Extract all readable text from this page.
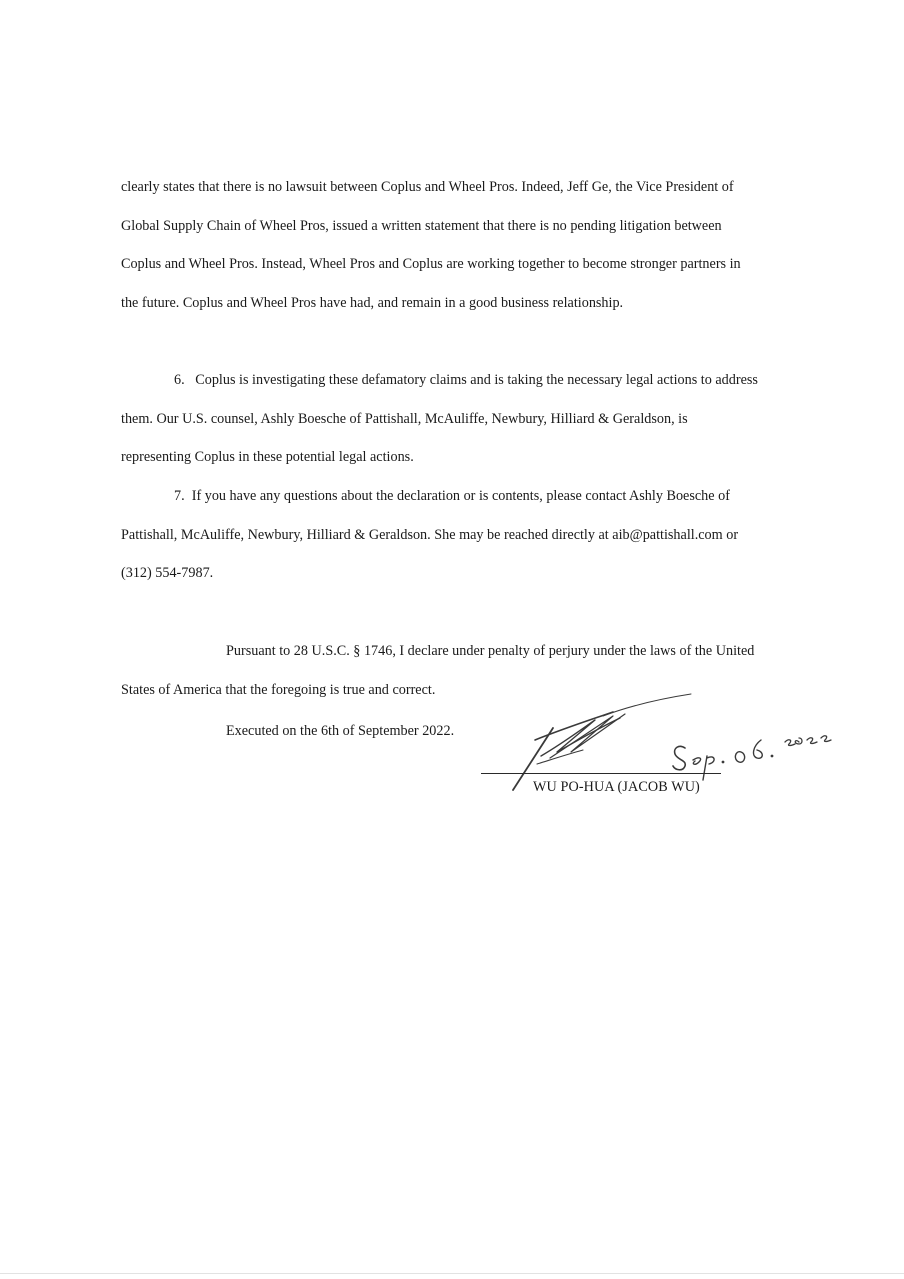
clearly states that there is no lawsuit between Coplus and Wheel Pros. Indeed, Jeff Ge, the Vice President of Global Supply Chain of Wheel Pros, issued a written statement that there is no pending litigation between Coplus and Wheel Pros. Instead, Wheel Pros and Coplus are working together to become stronger partners in the future. Coplus and Wheel Pros have had, and remain in a good business relationship.

6. Coplus is investigating these defamatory claims and is taking the necessary legal actions to address them. Our U.S. counsel, Ashly Boesche of Pattishall, McAuliffe, Newbury, Hilliard & Geraldson, is representing Coplus in these potential legal actions.

7. If you have any questions about the declaration or is contents, please contact Ashly Boesche of Pattishall, McAuliffe, Newbury, Hilliard & Geraldson. She may be reached directly at aib@pattishall.com or (312) 554-7987.

Pursuant to 28 U.S.C. § 1746, I declare under penalty of perjury under the laws of the United States of America that the foregoing is true and correct.

Executed on the 6th of September 2022.

WU PO-HUA (JACOB WU)
